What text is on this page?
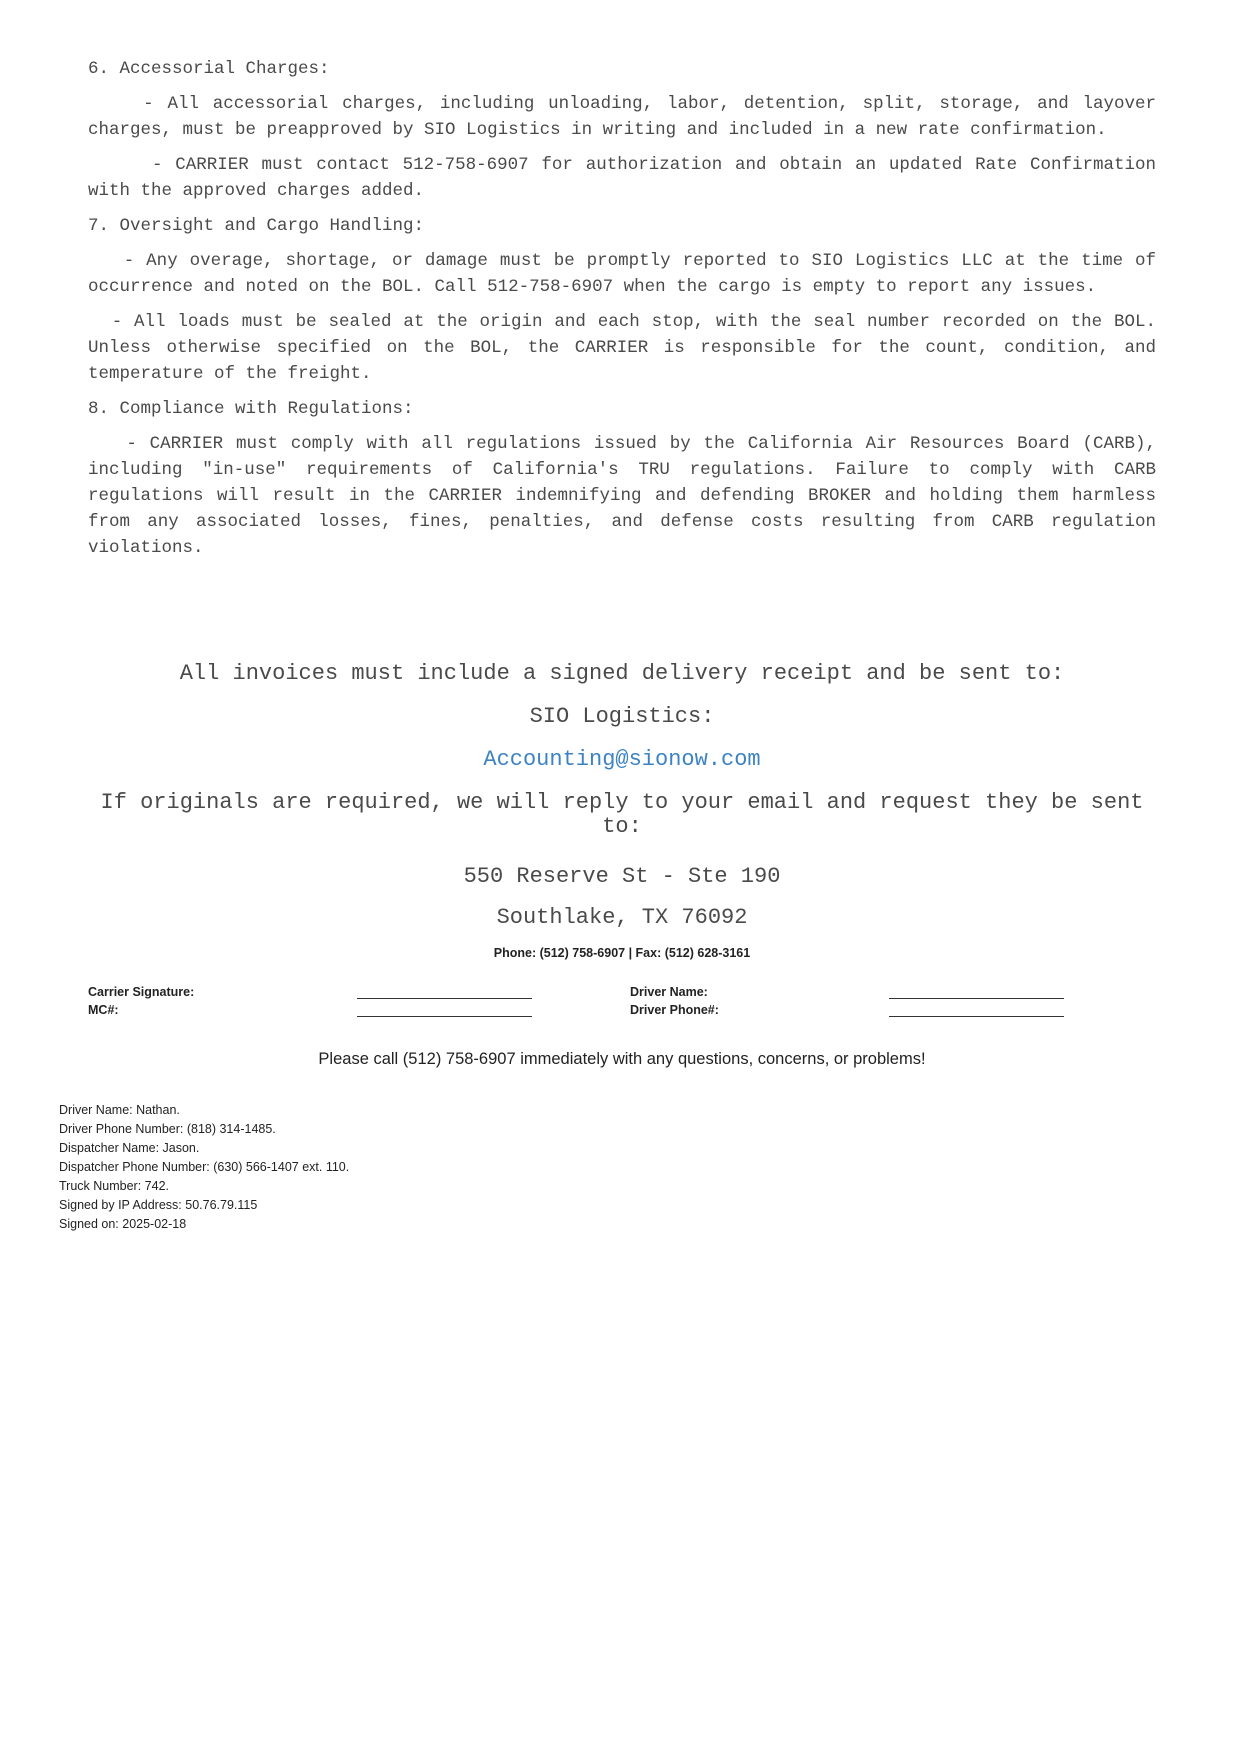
6. Accessorial Charges:
- All accessorial charges, including unloading, labor, detention, split, storage, and layover charges, must be preapproved by SIO Logistics in writing and included in a new rate confirmation.
- CARRIER must contact 512-758-6907 for authorization and obtain an updated Rate Confirmation with the approved charges added.
7. Oversight and Cargo Handling:
- Any overage, shortage, or damage must be promptly reported to SIO Logistics LLC at the time of occurrence and noted on the BOL. Call 512-758-6907 when the cargo is empty to report any issues.
- All loads must be sealed at the origin and each stop, with the seal number recorded on the BOL. Unless otherwise specified on the BOL, the CARRIER is responsible for the count, condition, and temperature of the freight.
8. Compliance with Regulations:
- CARRIER must comply with all regulations issued by the California Air Resources Board (CARB), including "in-use" requirements of California's TRU regulations. Failure to comply with CARB regulations will result in the CARRIER indemnifying and defending BROKER and holding them harmless from any associated losses, fines, penalties, and defense costs resulting from CARB regulation violations.
All invoices must include a signed delivery receipt and be sent to:
SIO Logistics:
Accounting@sionow.com
If originals are required, we will reply to your email and request they be sent to:
550 Reserve St - Ste 190
Southlake, TX 76092
Phone: (512) 758-6907 | Fax: (512) 628-3161
Carrier Signature:	Driver Name:
MC#:	Driver Phone#:
Please call (512) 758-6907 immediately with any questions, concerns, or problems!
Driver Name: Nathan.
Driver Phone Number: (818) 314-1485.
Dispatcher Name: Jason.
Dispatcher Phone Number: (630) 566-1407 ext. 110.
Truck Number: 742.
Signed by IP Address: 50.76.79.115
Signed on: 2025-02-18
